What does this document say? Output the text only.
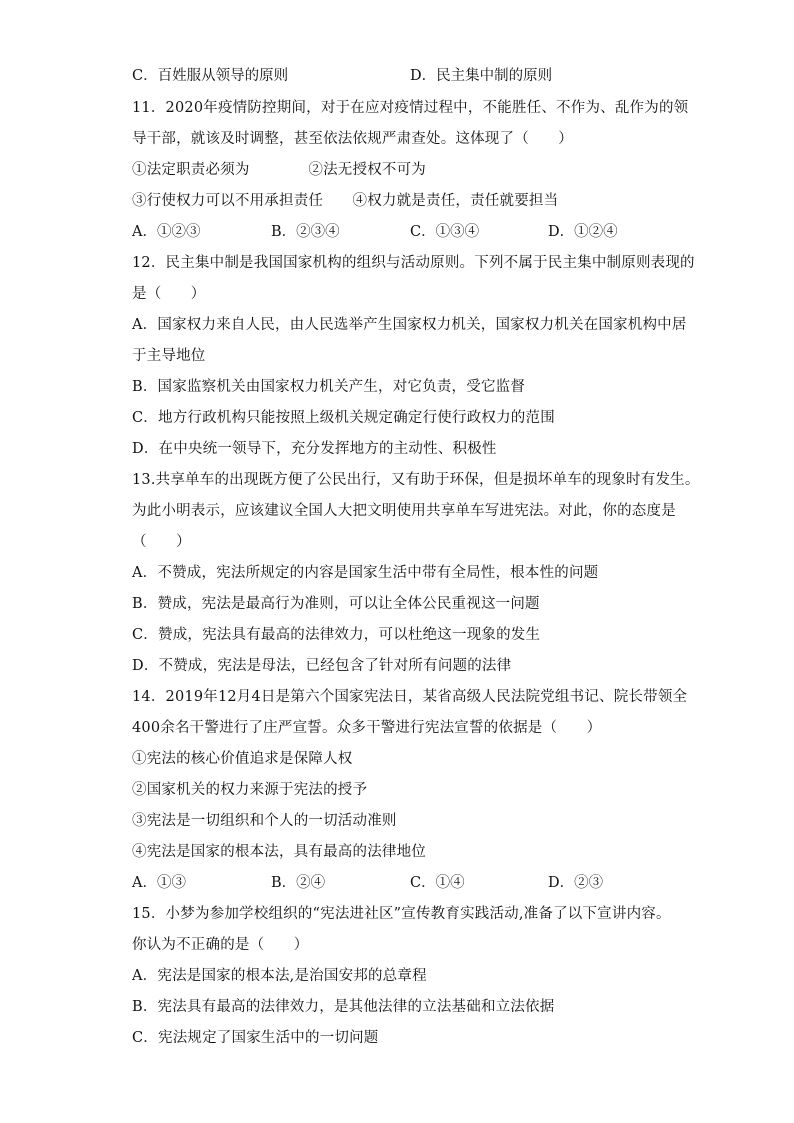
C．百姓服从领导的原则	D．民主集中制的原则
11．2020年疫情防控期间，对于在应对疫情过程中，不能胜任、不作为、乱作为的领
导干部，就该及时调整，甚至依法依规严肃查处。这体现了（　　）
①法定职责必须为　　　　②法无授权不可为
③行使权力可以不用承担责任　　④权力就是责任，责任就要担当
A．①②③	B．②③④	C．①③④	D．①②④
12．民主集中制是我国国家机构的组织与活动原则。下列不属于民主集中制原则表现的
是（　　）
A．国家权力来自人民，由人民选举产生国家权力机关，国家权力机关在国家机构中居
于主导地位
B．国家监察机关由国家权力机关产生，对它负责，受它监督
C．地方行政机构只能按照上级机关规定确定行使行政权力的范围
D．在中央统一领导下，充分发挥地方的主动性、积极性
13.共享单车的出现既方便了公民出行，又有助于环保，但是损坏单车的现象时有发生。
为此小明表示，应该建议全国人大把文明使用共享单车写进宪法。对此，你的态度是
（　　）
A．不赞成，宪法所规定的内容是国家生活中带有全局性，根本性的问题
B．赞成，宪法是最高行为准则，可以让全体公民重视这一问题
C．赞成，宪法具有最高的法律效力，可以杜绝这一现象的发生
D．不赞成，宪法是母法，已经包含了针对所有问题的法律
14．2019年12月4日是第六个国家宪法日，某省高级人民法院党组书记、院长带领全
400余名干警进行了庄严宣誓。众多干警进行宪法宣誓的依据是（　　）
①宪法的核心价值追求是保障人权
②国家机关的权力来源于宪法的授予
③宪法是一切组织和个人的一切活动准则
④宪法是国家的根本法，具有最高的法律地位
A．①③	B．②④	C．①④	D．②③
15．小梦为参加学校组织的“宪法进社区”宣传教育实践活动,准备了以下宣讲内容。
你认为不正确的是（　　）
A．宪法是国家的根本法,是治国安邦的总章程
B．宪法具有最高的法律效力，是其他法律的立法基础和立法依据
C．宪法规定了国家生活中的一切问题
